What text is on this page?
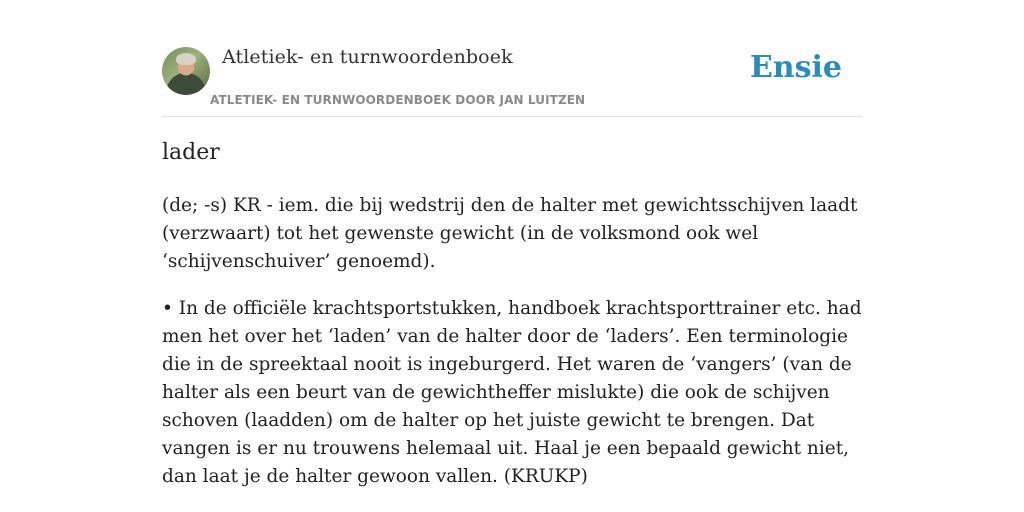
Atletiek- en turnwoordenboek
ATLETIEK- EN TURNWOORDENBOEK DOOR JAN LUITZEN
Ensie
lader

(de; -s) KR - iem. die bij wedstrij den de halter met gewichtsschijven laadt (verzwaart) tot het gewenste gewicht (in de volksmond ook wel ‘schijvenschuiver’ genoemd).

• In de officiële krachtsportstukken, handboek krachtsporttrainer etc. had men het over het ‘laden’ van de halter door de ‘laders’. Een terminologie die in de spreektaal nooit is ingeburgerd. Het waren de ‘vangers’ (van de halter als een beurt van de gewichtheffer mislukte) die ook de schijven schoven (laadden) om de halter op het juiste gewicht te brengen. Dat vangen is er nu trouwens helemaal uit. Haal je een bepaald gewicht niet, dan laat je de halter gewoon vallen. (KRUKP)
